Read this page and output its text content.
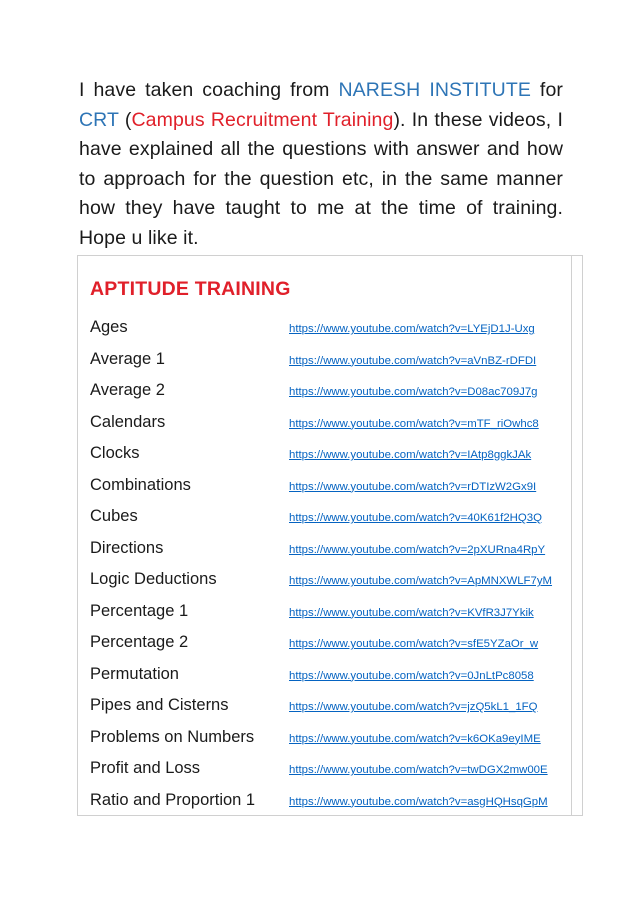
I have taken coaching from NARESH INSTITUTE for CRT (Campus Recruitment Training). In these videos, I have explained all the questions with answer and how to approach for the question etc, in the same manner how they have taught to me at the time of training. Hope u like it.
APTITUDE TRAINING
Ages	https://www.youtube.com/watch?v=LYEjD1J-Uxg
Average 1	https://www.youtube.com/watch?v=aVnBZ-rDFDI
Average 2	https://www.youtube.com/watch?v=D08ac709J7g
Calendars	https://www.youtube.com/watch?v=mTF_riOwhc8
Clocks	https://www.youtube.com/watch?v=IAtp8ggkJAk
Combinations	https://www.youtube.com/watch?v=rDTIzW2Gx9I
Cubes	https://www.youtube.com/watch?v=40K61f2HQ3Q
Directions	https://www.youtube.com/watch?v=2pXURna4RpY
Logic Deductions	https://www.youtube.com/watch?v=ApMNXWLF7yM
Percentage 1	https://www.youtube.com/watch?v=KVfR3J7Ykik
Percentage 2	https://www.youtube.com/watch?v=sfE5YZaOr_w
Permutation	https://www.youtube.com/watch?v=0JnLtPc8058
Pipes and Cisterns	https://www.youtube.com/watch?v=jzQ5kL1_1FQ
Problems on Numbers	https://www.youtube.com/watch?v=k6OKa9eyIME
Profit and Loss	https://www.youtube.com/watch?v=twDGX2mw00E
Ratio and Proportion 1	https://www.youtube.com/watch?v=asgHQHsqGpM
